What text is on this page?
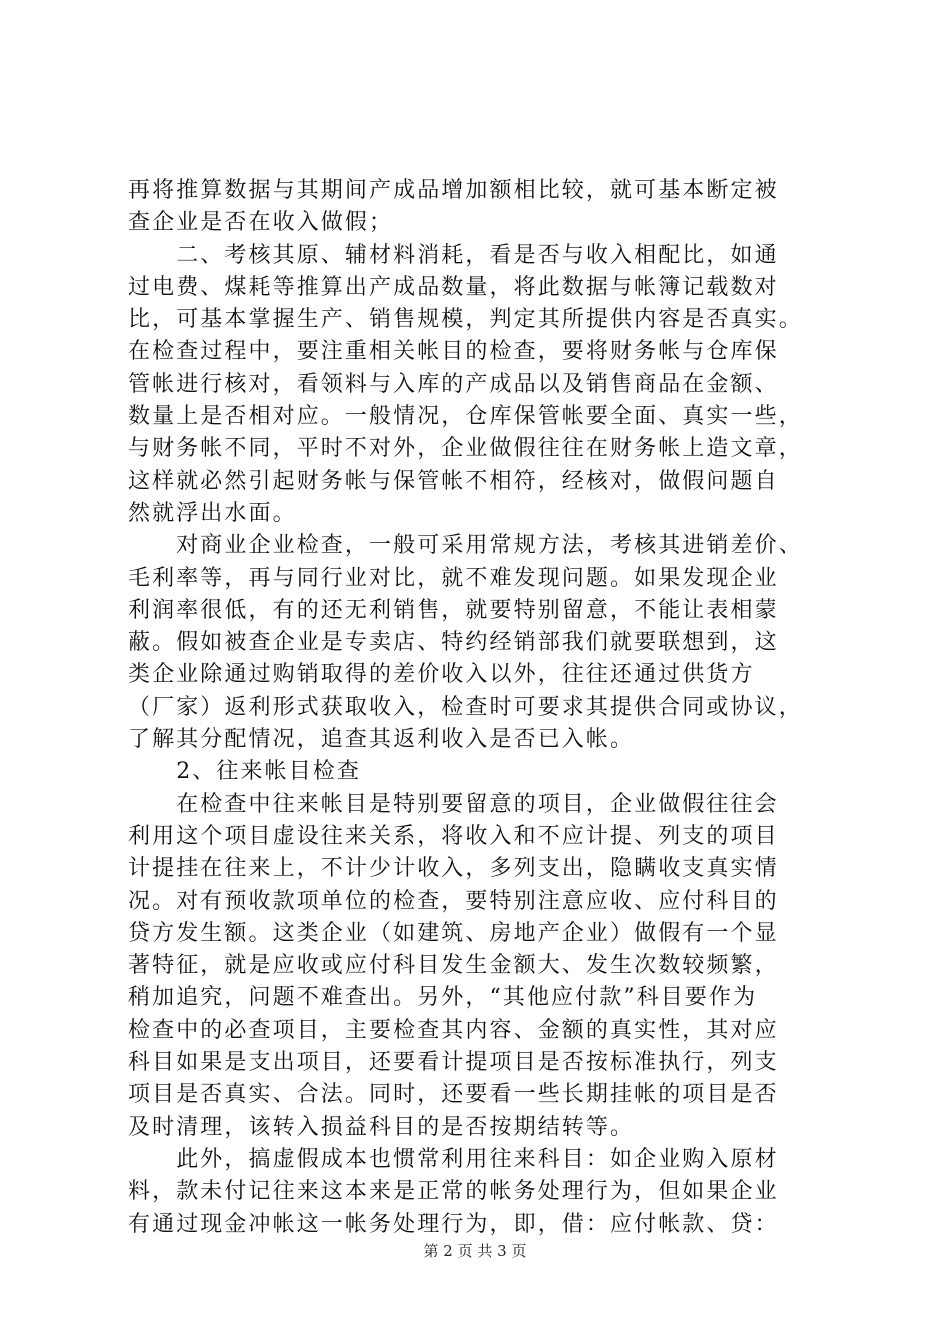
再将推算数据与其期间产成品增加额相比较，就可基本断定被
查企业是否在收入做假；
　　二、考核其原、辅材料消耗，看是否与收入相配比，如通
过电费、煤耗等推算出产成品数量，将此数据与帐簿记载数对
比，可基本掌握生产、销售规模，判定其所提供内容是否真实。
在检查过程中，要注重相关帐目的检查，要将财务帐与仓库保
管帐进行核对，看领料与入库的产成品以及销售商品在金额、
数量上是否相对应。一般情况，仓库保管帐要全面、真实一些，
与财务帐不同，平时不对外，企业做假往往在财务帐上造文章，
这样就必然引起财务帐与保管帐不相符，经核对，做假问题自
然就浮出水面。
　　对商业企业检查，一般可采用常规方法，考核其进销差价、
毛利率等，再与同行业对比，就不难发现问题。如果发现企业
利润率很低，有的还无利销售，就要特别留意，不能让表相蒙
蔽。假如被查企业是专卖店、特约经销部我们就要联想到，这
类企业除通过购销取得的差价收入以外，往往还通过供货方
（厂家）返利形式获取收入，检查时可要求其提供合同或协议，
了解其分配情况，追查其返利收入是否已入帐。
　　2、往来帐目检查
　　在检查中往来帐目是特别要留意的项目，企业做假往往会
利用这个项目虚设往来关系，将收入和不应计提、列支的项目
计提挂在往来上，不计少计收入，多列支出，隐瞒收支真实情
况。对有预收款项单位的检查，要特别注意应收、应付科目的
贷方发生额。这类企业（如建筑、房地产企业）做假有一个显
著特征，就是应收或应付科目发生金额大、发生次数较频繁，
稍加追究，问题不难查出。另外，“其他应付款”科目要作为
检查中的必查项目，主要检查其内容、金额的真实性，其对应
科目如果是支出项目，还要看计提项目是否按标准执行，列支
项目是否真实、合法。同时，还要看一些长期挂帐的项目是否
及时清理，该转入损益科目的是否按期结转等。
　　此外，搞虚假成本也惯常利用往来科目：如企业购入原材
料，款未付记往来这本来是正常的帐务处理行为，但如果企业
有通过现金冲帐这一帐务处理行为，即，借：应付帐款、贷：
第 2 页 共 3 页
